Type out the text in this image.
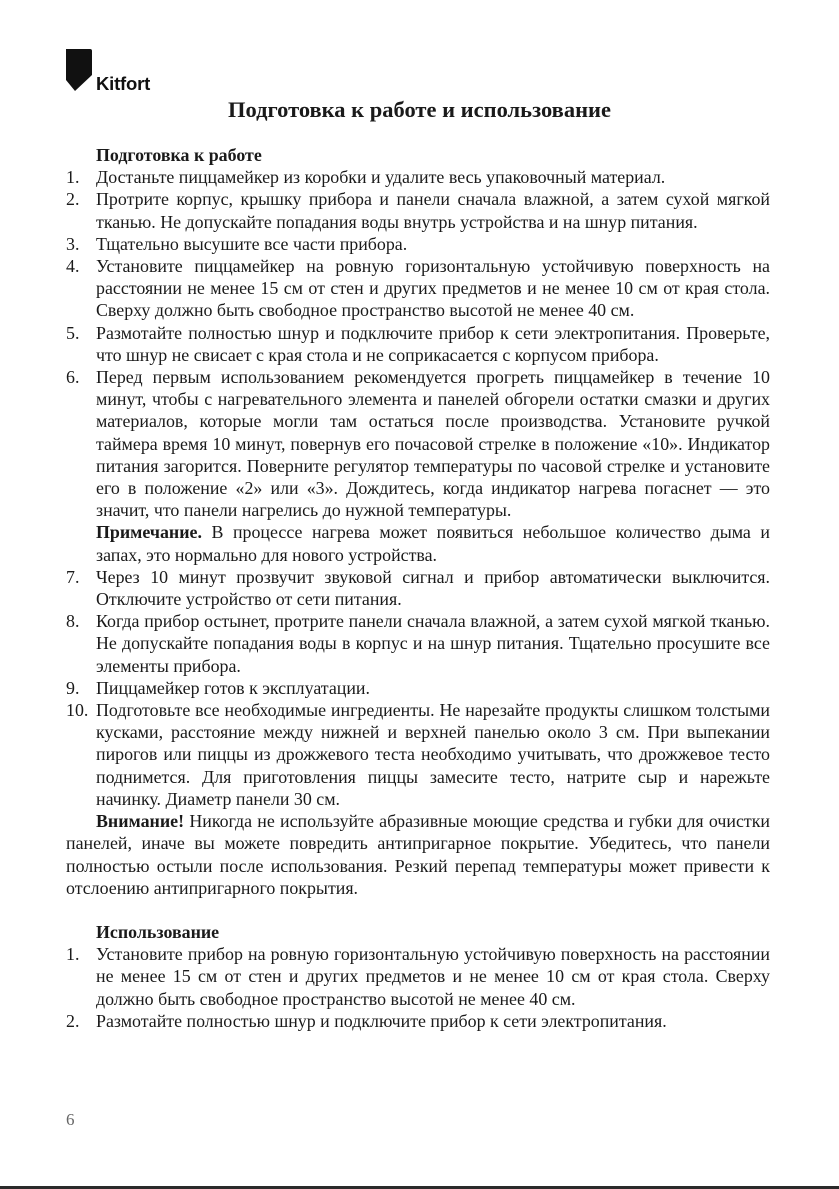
Kitfort
Подготовка к работе и использование

Подготовка к работе

1. Достаньте пиццамейкер из коробки и удалите весь упаковочный материал.
2. Протрите корпус, крышку прибора и панели сначала влажной, а затем сухой мягкой тканью. Не допускайте попадания воды внутрь устройства и на шнур питания.
3. Тщательно высушите все части прибора.
4. Установите пиццамейкер на ровную горизонтальную устойчивую поверхность на расстоянии не менее 15 см от стен и других предметов и не менее 10 см от края стола. Сверху должно быть свободное пространство высотой не менее 40 см.
5. Размотайте полностью шнур и подключите прибор к сети электропитания. Проверьте, что шнур не свисает с края стола и не соприкасается с корпусом прибора.
6. Перед первым использованием рекомендуется прогреть пиццамейкер в течение 10 минут, чтобы с нагревательного элемента и панелей обгорели остатки смазки и других материалов, которые могли там остаться после производства. Установите ручкой таймера время 10 минут, повернув его почасовой стрелке в положение «10». Индикатор питания загорится. Поверните регулятор температуры по часовой стрелке и установите его в положение «2» или «3». Дождитесь, когда индикатор нагрева погаснет — это значит, что панели нагрелись до нужной температуры.

Примечание. В процессе нагрева может появиться небольшое количество дыма и запах, это нормально для нового устройства.

7. Через 10 минут прозвучит звуковой сигнал и прибор автоматически выключится. Отключите устройство от сети питания.
8. Когда прибор остынет, протрите панели сначала влажной, а затем сухой мягкой тканью. Не допускайте попадания воды в корпус и на шнур питания. Тщательно просушите все элементы прибора.
9. Пиццамейкер готов к эксплуатации.
10. Подготовьте все необходимые ингредиенты. Не нарезайте продукты слишком толстыми кусками, расстояние между нижней и верхней панелью около 3 см. При выпекании пирогов или пиццы из дрожжевого теста необходимо учитывать, что дрожжевое тесто поднимется. Для приготовления пиццы замесите тесто, натрите сыр и нарежьте начинку. Диаметр панели 30 см.

Внимание! Никогда не используйте абразивные моющие средства и губки для очистки панелей, иначе вы можете повредить антипригарное покрытие. Убедитесь, что панели полностью остыли после использования. Резкий перепад температуры может привести к отслоению антипригарного покрытия.

Использование

1. Установите прибор на ровную горизонтальную устойчивую поверхность на расстоянии не менее 15 см от стен и других предметов и не менее 10 см от края стола. Сверху должно быть свободное пространство высотой не менее 40 см.
2. Размотайте полностью шнур и подключите прибор к сети электропитания.
6
